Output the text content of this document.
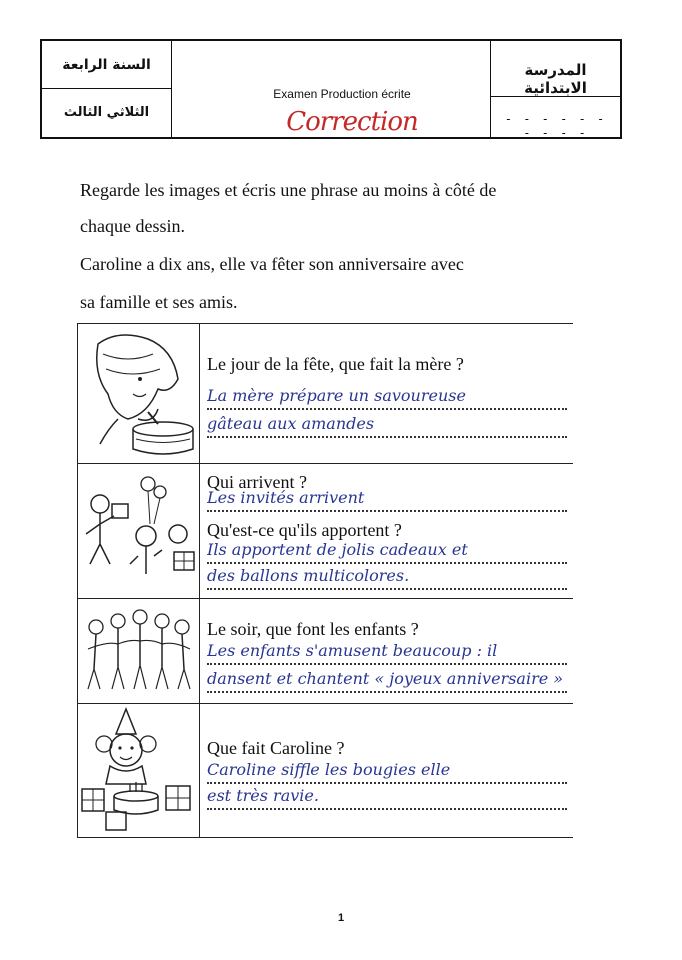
السنة الرابعة
الثلاثي الثالث
المدرسة الابتدائية
- - - - - - - - - -
Examen Production écrite
Correction
Regarde les images et écris une phrase au moins à côté de
chaque dessin.
Caroline a dix ans, elle va fêter son anniversaire avec
sa famille et ses amis.
Le jour de la fête, que fait la mère ?
La mère prépare un savoureuse
gâteau aux amandes
Qui arrivent ?
Les invités arrivent
Qu'est-ce qu'ils apportent ?
Ils apportent de jolis cadeaux et
des ballons multicolores.
Le soir, que font les enfants ?
Les enfants s'amusent beaucoup : il
dansent et chantent « joyeux anniversaire »
Que fait Caroline ?
Caroline siffle les bougies elle
est très ravie.
1
